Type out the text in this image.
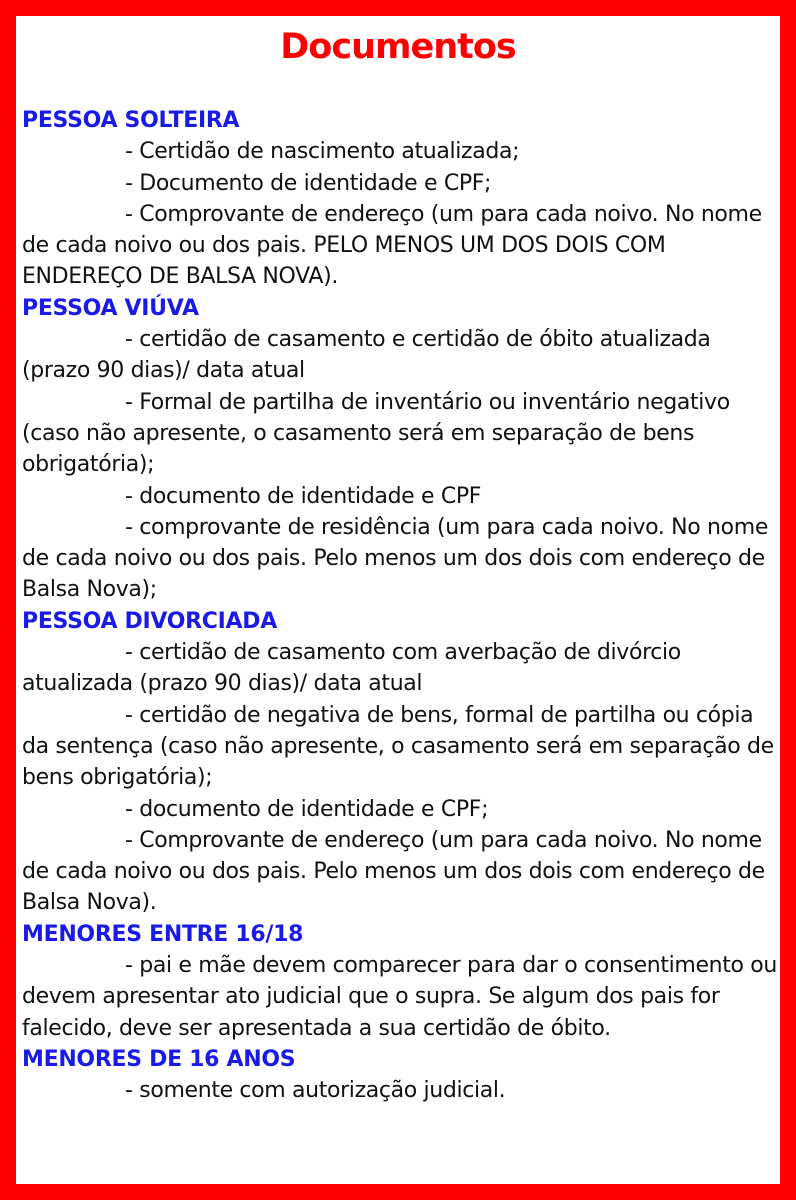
Documentos
PESSOA SOLTEIRA
- Certidão de nascimento atualizada;
- Documento de identidade e CPF;
- Comprovante de endereço (um para cada noivo. No nome de cada noivo ou dos pais. PELO MENOS UM DOS DOIS COM ENDEREÇO DE BALSA NOVA).
PESSOA VIÚVA
- certidão de casamento e certidão de óbito atualizada (prazo 90 dias)/ data atual
- Formal de partilha de inventário ou inventário negativo (caso não apresente, o casamento será em separação de bens obrigatória);
- documento de identidade e CPF
- comprovante de residência (um para cada noivo. No nome de cada noivo ou dos pais. Pelo menos um dos dois com endereço de Balsa Nova);
PESSOA DIVORCIADA
- certidão de casamento com averbação de divórcio atualizada (prazo 90 dias)/ data atual
- certidão de negativa de bens, formal de partilha ou cópia da sentença (caso não apresente, o casamento será em separação de bens obrigatória);
- documento de identidade e CPF;
- Comprovante de endereço (um para cada noivo. No nome de cada noivo ou dos pais. Pelo menos um dos dois com endereço de Balsa Nova).
MENORES ENTRE 16/18
- pai e mãe devem comparecer para dar o consentimento ou devem apresentar ato judicial que o supra. Se algum dos pais for falecido, deve ser apresentada a sua certidão de óbito.
MENORES DE 16 ANOS
- somente com autorização judicial.
